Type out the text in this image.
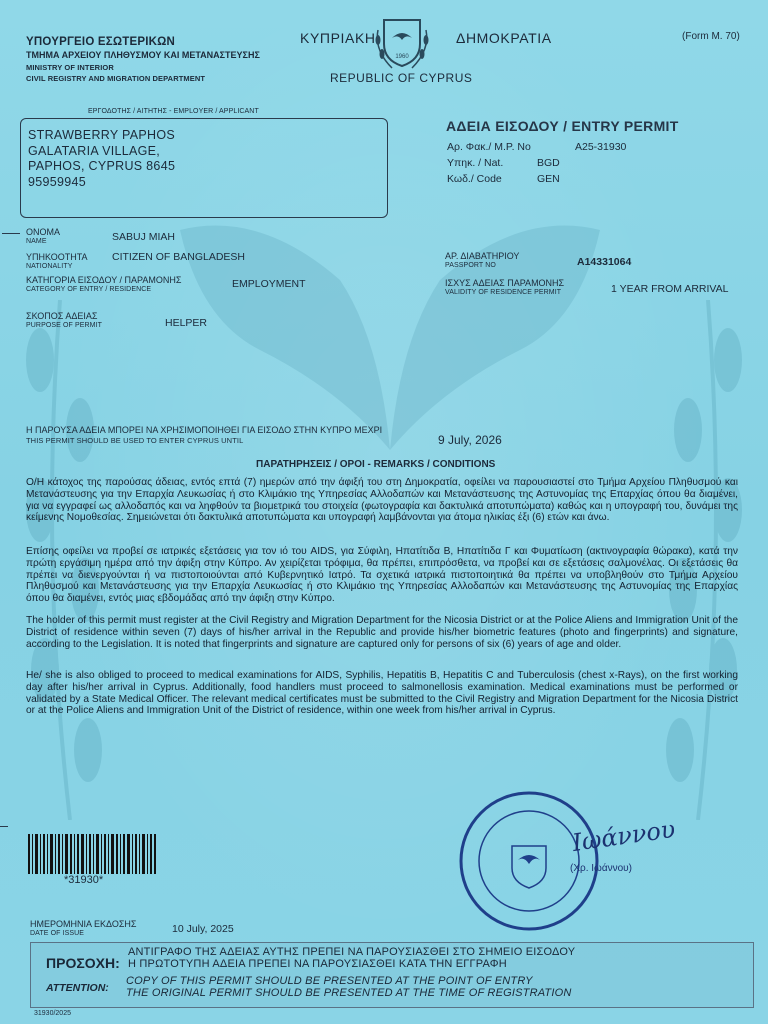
ΥΠΟΥΡΓΕΙΟ ΕΣΩΤΕΡΙΚΩΝ
ΤΜΗΜΑ ΑΡΧΕΙΟΥ ΠΛΗΘΥΣΜΟΥ ΚΑΙ ΜΕΤΑΝΑΣΤΕΥΣΗΣ
MINISTRY OF INTERIOR
CIVIL REGISTRY AND MIGRATION DEPARTMENT
ΚΥΠΡΙΑΚΗ
1960
ΔΗΜΟΚΡΑΤΙΑ
REPUBLIC OF CYPRUS
(Form M. 70)
ΕΡΓΟΔΟΤΗΣ / ΑΙΤΗΤΗΣ - EMPLOYER / APPLICANT
STRAWBERRY PAPHOS
GALATARIA VILLAGE,
PAPHOS, CYPRUS 8645
95959945
ΑΔΕΙΑ ΕΙΣΟΔΟΥ / ENTRY PERMIT
Αρ. Φακ./ M.P. No	A25-31930
Υπηκ. / Nat.	BGD
Κωδ./ Code	GEN
ΟΝΟΜΑ
NAME	SABUJ MIAH
ΥΠΗΚΟΟΤΗΤΑ
NATIONALITY
CITIZEN OF BANGLADESH
ΚΑΤΗΓΟΡΙΑ ΕΙΣΟΔΟΥ / ΠΑΡΑΜΟΝΗΣ
CATEGORY OF ENTRY / RESIDENCE	EMPLOYMENT
ΣΚΟΠΟΣ ΑΔΕΙΑΣ
PURPOSE OF PERMIT	HELPER
ΑΡ. ΔΙΑΒΑΤΗΡΙΟΥ
PASSPORT NO	A14331064
ΙΣΧΥΣ ΑΔΕΙΑΣ ΠΑΡΑΜΟΝΗΣ
VALIDITY OF RESIDENCE PERMIT	1 YEAR FROM ARRIVAL
Η ΠΑΡΟΥΣΑ ΑΔΕΙΑ ΜΠΟΡΕΙ ΝΑ ΧΡΗΣΙΜΟΠΟΙΗΘΕΙ ΓΙΑ ΕΙΣΟΔΟ ΣΤΗΝ ΚΥΠΡΟ ΜΕΧΡΙ
THIS PERMIT SHOULD BE USED TO ENTER CYPRUS UNTIL	9 July, 2026
ΠΑΡΑΤΗΡΗΣΕΙΣ / ΟΡΟΙ - REMARKS / CONDITIONS
Ο/Η κάτοχος της παρούσας άδειας, εντός επτά (7) ημερών από την άφιξή του στη Δημοκρατία, οφείλει να παρουσιαστεί στο Τμήμα Αρχείου Πληθυσμού και Μετανάστευσης για την Επαρχία Λευκωσίας ή στο Κλιμάκιο της Υπηρεσίας Αλλοδαπών και Μετανάστευσης της Αστυνομίας της Επαρχίας όπου θα διαμένει, για να εγγραφεί ως αλλοδαπός και να ληφθούν τα βιομετρικά του στοιχεία (φωτογραφία και δακτυλικά αποτυπώματα) καθώς και η υπογραφή του, δυνάμει της κείμενης Νομοθεσίας. Σημειώνεται ότι δακτυλικά αποτυπώματα και υπογραφή λαμβάνονται για άτομα ηλικίας έξι (6) ετών και άνω.
Επίσης οφείλει να προβεί σε ιατρικές εξετάσεις για τον ιό του AIDS, για Σύφιλη, Ηπατίτιδα Β, Ηπατίτιδα Γ και Φυματίωση (ακτινογραφία θώρακα), κατά την πρώτη εργάσιμη ημέρα από την άφιξη στην Κύπρο. Αν χειρίζεται τρόφιμα, θα πρέπει, επιπρόσθετα, να προβεί και σε εξετάσεις σαλμονέλας. Οι εξετάσεις θα πρέπει να διενεργούνται ή να πιστοποιούνται από Κυβερνητικό Ιατρό. Τα σχετικά ιατρικά πιστοποιητικά θα πρέπει να υποβληθούν στο Τμήμα Αρχείου Πληθυσμού και Μετανάστευσης για την Επαρχία Λευκωσίας ή στο Κλιμάκιο της Υπηρεσίας Αλλοδαπών και Μετανάστευσης της Αστυνομίας της Επαρχίας όπου θα διαμένει, εντός μιας εβδομάδας από την άφιξη στην Κύπρο.
The holder of this permit must register at the Civil Registry and Migration Department for the Nicosia District or at the Police Aliens and Immigration Unit of the District of residence within seven (7) days of his/her arrival in the Republic and provide his/her biometric features (photo and fingerprints) and signature, according to the Legislation. It is noted that fingerprints and signature are captured only for persons of six (6) years of age and older.
He/ she is also obliged to proceed to medical examinations for AIDS, Syphilis, Hepatitis B, Hepatitis C and Tuberculosis (chest x-Rays), on the first working day after his/her arrival in Cyprus. Additionally, food handlers must proceed to salmonellosis examination. Medical examinations must be performed or validated by a State Medical Officer. The relevant medical certificates must be submitted to the Civil Registry and Migration Department for the Nicosia District or at the Police Aliens and Immigration Unit of the District of residence, within one week from his/her arrival in Cyprus.
*31930*
ΗΜΕΡΟΜΗΝΙΑ ΕΚΔΟΣΗΣ
DATE OF ISSUE	10 July, 2025
Ιωάννου
(Χρ. Ιωάννου)
ΠΡΟΣΟΧΗ:
ΑΝΤΙΓΡΑΦΟ ΤΗΣ ΑΔΕΙΑΣ ΑΥΤΗΣ ΠΡΕΠΕΙ ΝΑ ΠΑΡΟΥΣΙΑΣΘΕΙ ΣΤΟ ΣΗΜΕΙΟ ΕΙΣΟΔΟΥ
Η ΠΡΩΤΟΤΥΠΗ ΑΔΕΙΑ ΠΡΕΠΕΙ ΝΑ ΠΑΡΟΥΣΙΑΣΘΕΙ ΚΑΤΑ ΤΗΝ ΕΓΓΡΑΦΗ
ATTENTION:
COPY OF THIS PERMIT SHOULD BE PRESENTED AT THE POINT OF ENTRY
THE ORIGINAL PERMIT SHOULD BE PRESENTED AT THE TIME OF REGISTRATION
31930/2025
